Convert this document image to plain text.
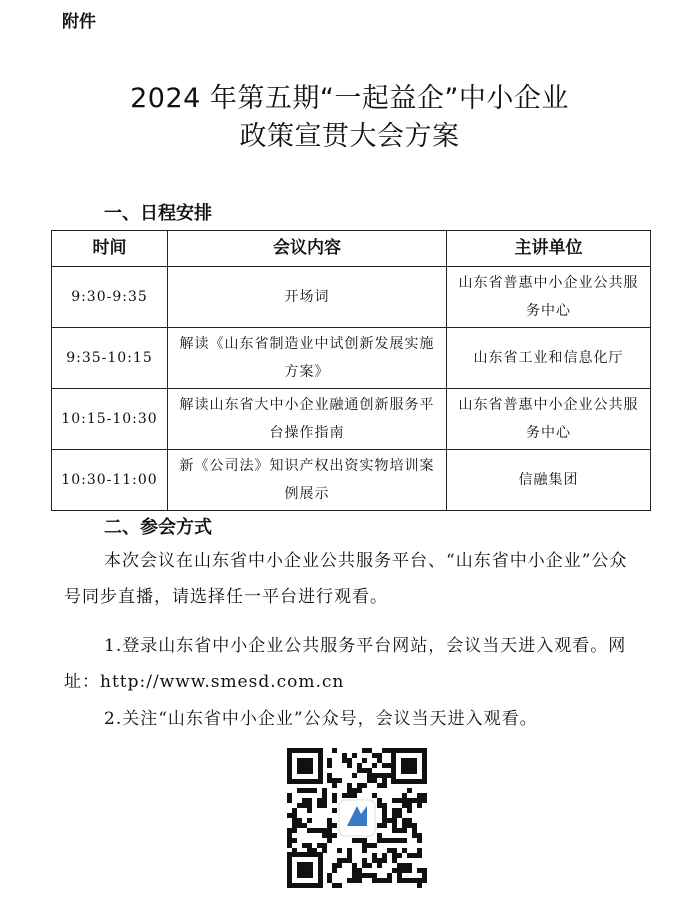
附件
2024 年第五期“一起益企”中小企业
政策宣贯大会方案
一、日程安排
时间	会议内容	主讲单位
9:30-9:35	开场词	山东省普惠中小企业公共服务中心
9:35-10:15	解读《山东省制造业中试创新发展实施方案》	山东省工业和信息化厅
10:15-10:30	解读山东省大中小企业融通创新服务平台操作指南	山东省普惠中小企业公共服务中心
10:30-11:00	新《公司法》知识产权出资实物培训案例展示	信融集团
二、参会方式
本次会议在山东省中小企业公共服务平台、“山东省中小企业”公众号同步直播，请选择任一平台进行观看。
1.登录山东省中小企业公共服务平台网站，会议当天进入观看。网址：http://www.smesd.com.cn
2.关注“山东省中小企业”公众号，会议当天进入观看。
